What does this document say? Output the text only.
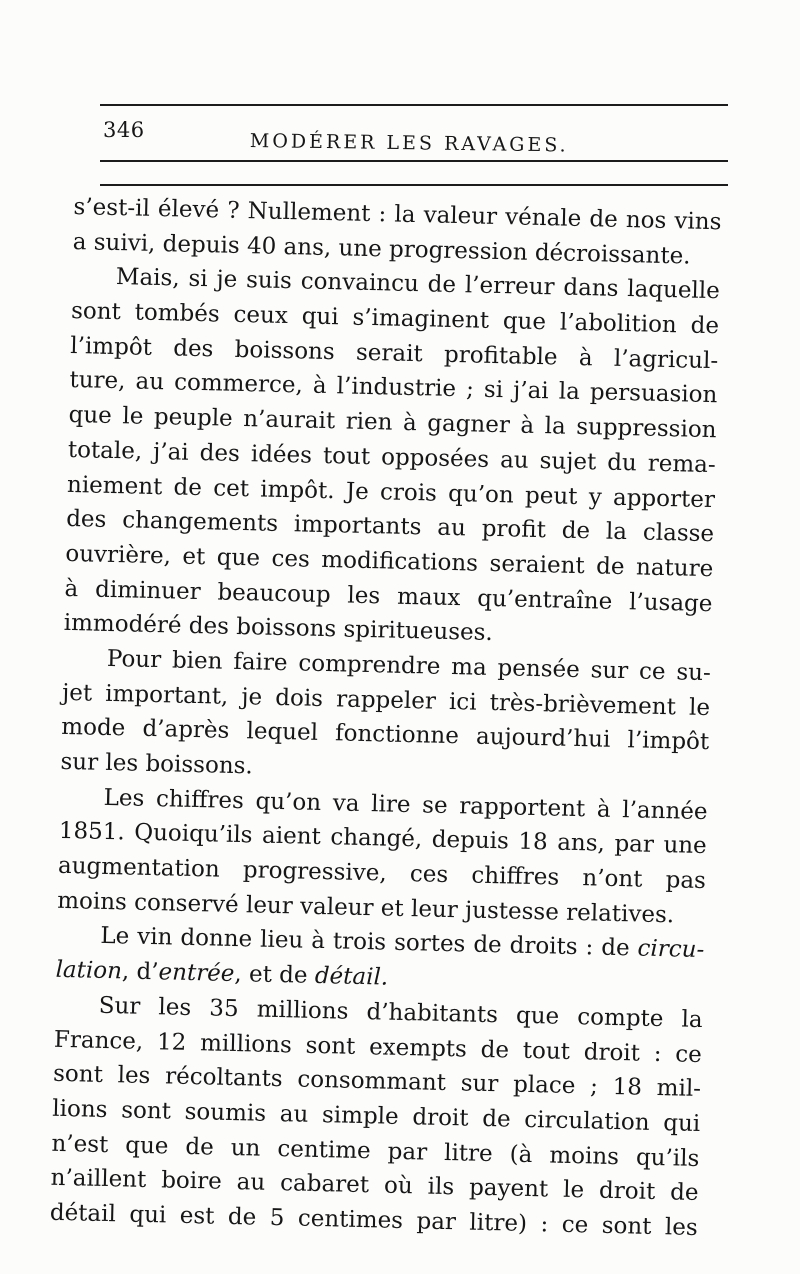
346	MODÉRER LES RAVAGES.
s’est-il élevé ? Nullement : la valeur vénale de nos vins
a suivi, depuis 40 ans, une progression décroissante.
Mais, si je suis convaincu de l’erreur dans laquelle
sont tombés ceux qui s’imaginent que l’abolition de
l’impôt des boissons serait profitable à l’agricul-
ture, au commerce, à l’industrie ; si j’ai la persuasion
que le peuple n’aurait rien à gagner à la suppression
totale, j’ai des idées tout opposées au sujet du rema-
niement de cet impôt. Je crois qu’on peut y apporter
des changements importants au profit de la classe
ouvrière, et que ces modifications seraient de nature
à diminuer beaucoup les maux qu’entraîne l’usage
immodéré des boissons spiritueuses.
Pour bien faire comprendre ma pensée sur ce su-
jet important, je dois rappeler ici très-brièvement le
mode d’après lequel fonctionne aujourd’hui l’impôt
sur les boissons.
Les chiffres qu’on va lire se rapportent à l’année
1851. Quoiqu’ils aient changé, depuis 18 ans, par une
augmentation progressive, ces chiffres n’ont pas
moins conservé leur valeur et leur justesse relatives.
Le vin donne lieu à trois sortes de droits : de circu-
lation, d’entrée, et de détail.
Sur les 35 millions d’habitants que compte la
France, 12 millions sont exempts de tout droit : ce
sont les récoltants consommant sur place ; 18 mil-
lions sont soumis au simple droit de circulation qui
n’est que de un centime par litre (à moins qu’ils
n’aillent boire au cabaret où ils payent le droit de
détail qui est de 5 centimes par litre) : ce sont les
